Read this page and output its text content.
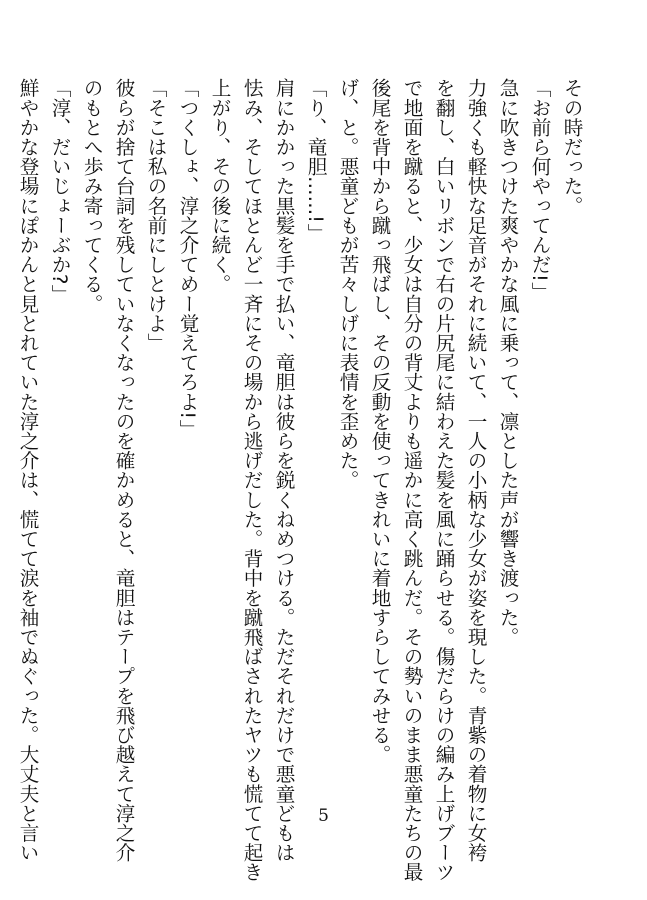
その時だった。
「お前ら何やってんだ!」
急に吹きつけた爽やかな風に乗って、凛とした声が響き渡った。
力強くも軽快な足音がそれに続いて、一人の小柄な少女が姿を現した。青紫の着物に女袴
を翻し、白いリボンで右の片尻尾に結わえた髪を風に踊らせる。傷だらけの編み上げブーツ
で地面を蹴ると、少女は自分の背丈よりも遥かに高く跳んだ。その勢いのまま悪童たちの最
後尾を背中から蹴っ飛ばし、その反動を使ってきれいに着地すらしてみせる。
げ、と。悪童どもが苦々しげに表情を歪めた。
「り、竜胆……!」
肩にかかった黒髪を手で払い、竜胆は彼らを鋭くねめつける。ただそれだけで悪童どもは
怯み、そしてほとんど一斉にその場から逃げだした。背中を蹴飛ばされたヤツも慌てて起き
上がり、その後に続く。
「つくしょ、淳之介てめー覚えてろよ!」
「そこは私の名前にしとけよ」
彼らが捨て台詞を残していなくなったのを確かめると、竜胆はテープを飛び越えて淳之介
のもとへ歩み寄ってくる。
「淳、だいじょーぶか?」
鮮やかな登場にぽかんと見とれていた淳之介は、慌てて涙を袖でぬぐった。大丈夫と言い	5
